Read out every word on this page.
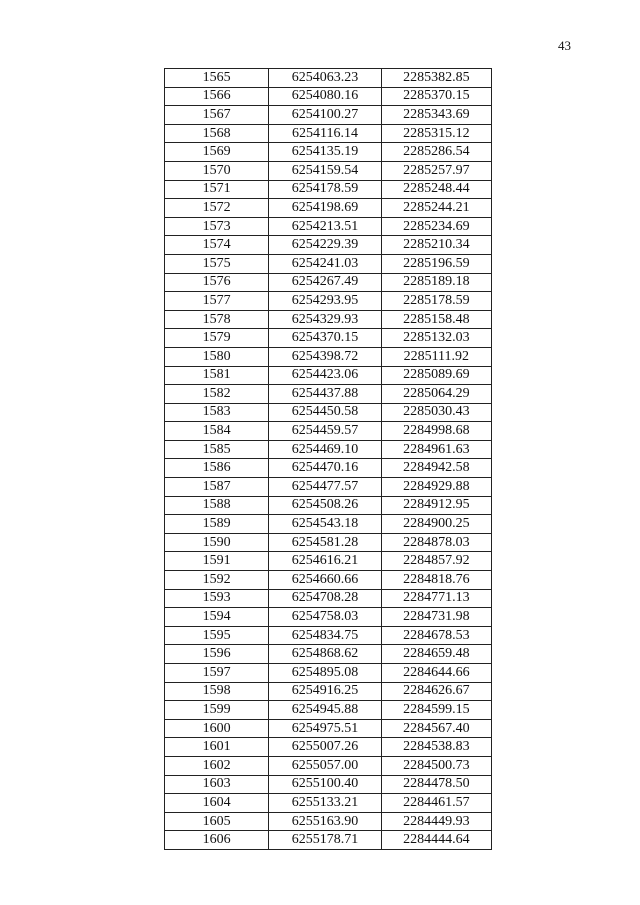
43
1565	6254063.23	2285382.85
1566	6254080.16	2285370.15
1567	6254100.27	2285343.69
1568	6254116.14	2285315.12
1569	6254135.19	2285286.54
1570	6254159.54	2285257.97
1571	6254178.59	2285248.44
1572	6254198.69	2285244.21
1573	6254213.51	2285234.69
1574	6254229.39	2285210.34
1575	6254241.03	2285196.59
1576	6254267.49	2285189.18
1577	6254293.95	2285178.59
1578	6254329.93	2285158.48
1579	6254370.15	2285132.03
1580	6254398.72	2285111.92
1581	6254423.06	2285089.69
1582	6254437.88	2285064.29
1583	6254450.58	2285030.43
1584	6254459.57	2284998.68
1585	6254469.10	2284961.63
1586	6254470.16	2284942.58
1587	6254477.57	2284929.88
1588	6254508.26	2284912.95
1589	6254543.18	2284900.25
1590	6254581.28	2284878.03
1591	6254616.21	2284857.92
1592	6254660.66	2284818.76
1593	6254708.28	2284771.13
1594	6254758.03	2284731.98
1595	6254834.75	2284678.53
1596	6254868.62	2284659.48
1597	6254895.08	2284644.66
1598	6254916.25	2284626.67
1599	6254945.88	2284599.15
1600	6254975.51	2284567.40
1601	6255007.26	2284538.83
1602	6255057.00	2284500.73
1603	6255100.40	2284478.50
1604	6255133.21	2284461.57
1605	6255163.90	2284449.93
1606	6255178.71	2284444.64
